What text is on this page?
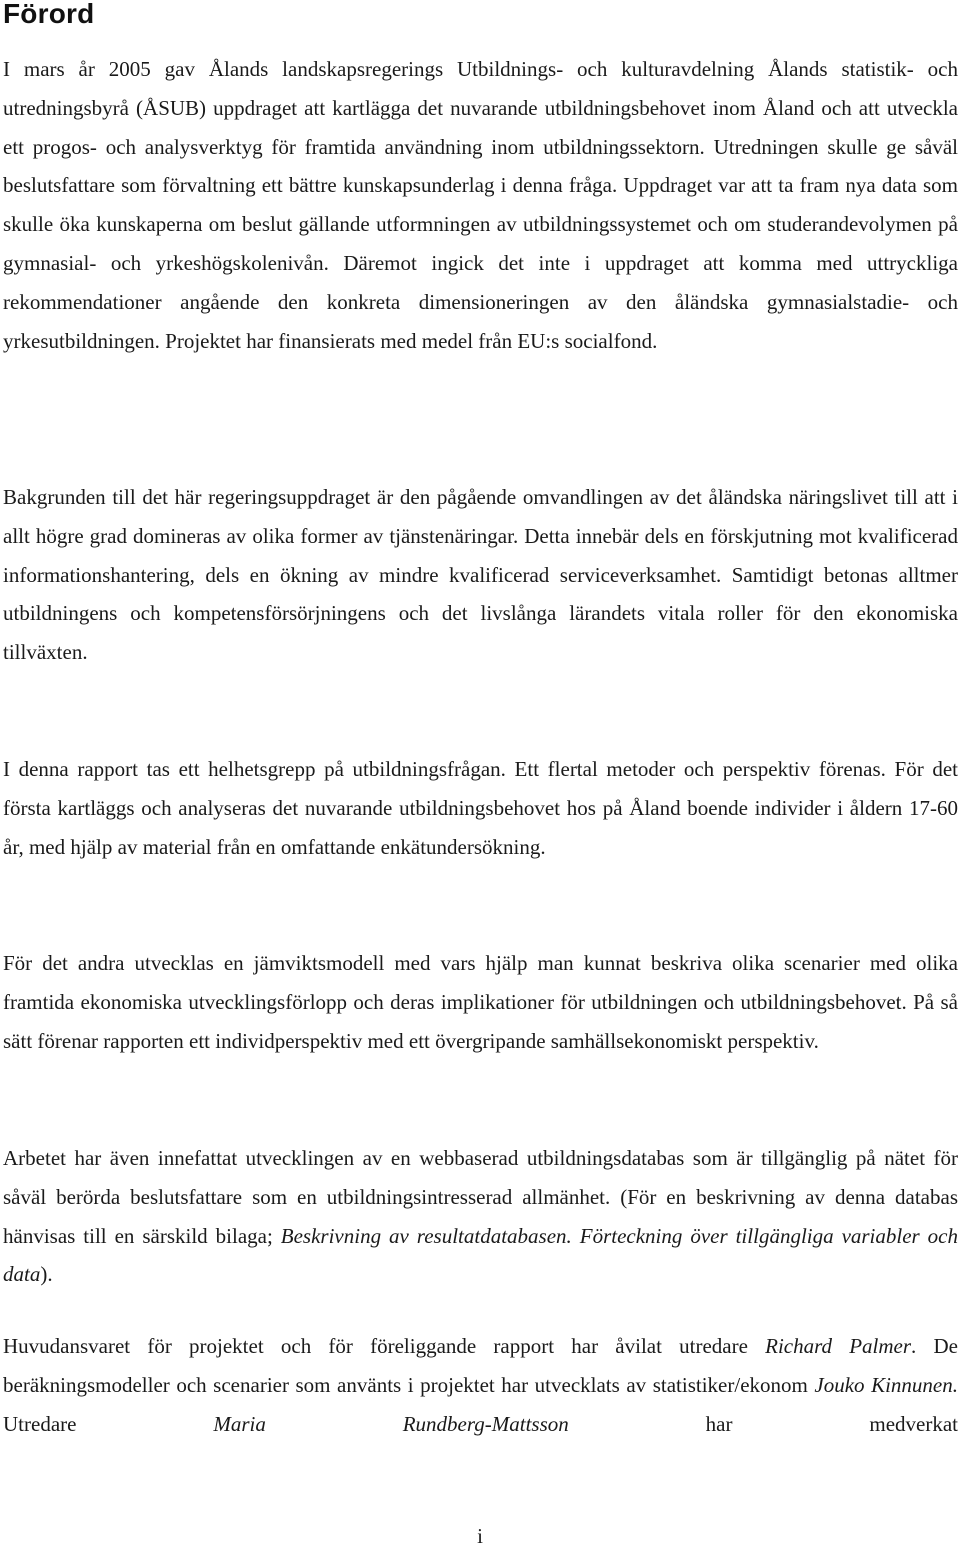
Förord

I mars år 2005 gav Ålands landskapsregerings Utbildnings- och kulturavdelning Ålands statistik- och utredningsbyrå (ÅSUB) uppdraget att kartlägga det nuvarande utbildningsbehovet inom Åland och att utveckla ett progos- och analysverktyg för framtida användning inom utbildningssektorn. Utredningen skulle ge såväl beslutsfattare som förvaltning ett bättre kunskapsunderlag i denna fråga. Uppdraget var att ta fram nya data som skulle öka kunskaperna om beslut gällande utformningen av utbildningssystemet och om studerandevolymen på gymnasial- och yrkeshögskolenivån. Däremot ingick det inte i uppdraget att komma med uttryckliga rekommendationer angående den konkreta dimensioneringen av den åländska gymnasialstadie- och yrkesutbildningen. Projektet har finansierats med medel från EU:s socialfond.

Bakgrunden till det här regeringsuppdraget är den pågående omvandlingen av det åländska näringslivet till att i allt högre grad domineras av olika former av tjänstenäringar. Detta innebär dels en förskjutning mot kvalificerad informationshantering, dels en ökning av mindre kvalificerad serviceverksamhet. Samtidigt betonas alltmer utbildningens och kompetensförsörjningens och det livslånga lärandets vitala roller för den ekonomiska tillväxten.

I denna rapport tas ett helhetsgrepp på utbildningsfrågan. Ett flertal metoder och perspektiv förenas. För det första kartläggs och analyseras det nuvarande utbildningsbehovet hos på Åland boende individer i åldern 17-60 år, med hjälp av material från en omfattande enkätundersökning.

För det andra utvecklas en jämviktsmodell med vars hjälp man kunnat beskriva olika scenarier med olika framtida ekonomiska utvecklingsförlopp och deras implikationer för utbildningen och utbildningsbehovet. På så sätt förenar rapporten ett individperspektiv med ett övergripande samhällsekonomiskt perspektiv.

Arbetet har även innefattat utvecklingen av en webbaserad utbildningsdatabas som är tillgänglig på nätet för såväl berörda beslutsfattare som en utbildningsintresserad allmänhet. (För en beskrivning av denna databas hänvisas till en särskild bilaga; Beskrivning av resultatdatabasen. Förteckning över tillgängliga variabler och data).

Huvudansvaret för projektet och för föreliggande rapport har åvilat utredare Richard Palmer. De beräkningsmodeller och scenarier som använts i projektet har utvecklats av statistiker/ekonom Jouko Kinnunen. Utredare Maria Rundberg-Mattsson har medverkat

i
